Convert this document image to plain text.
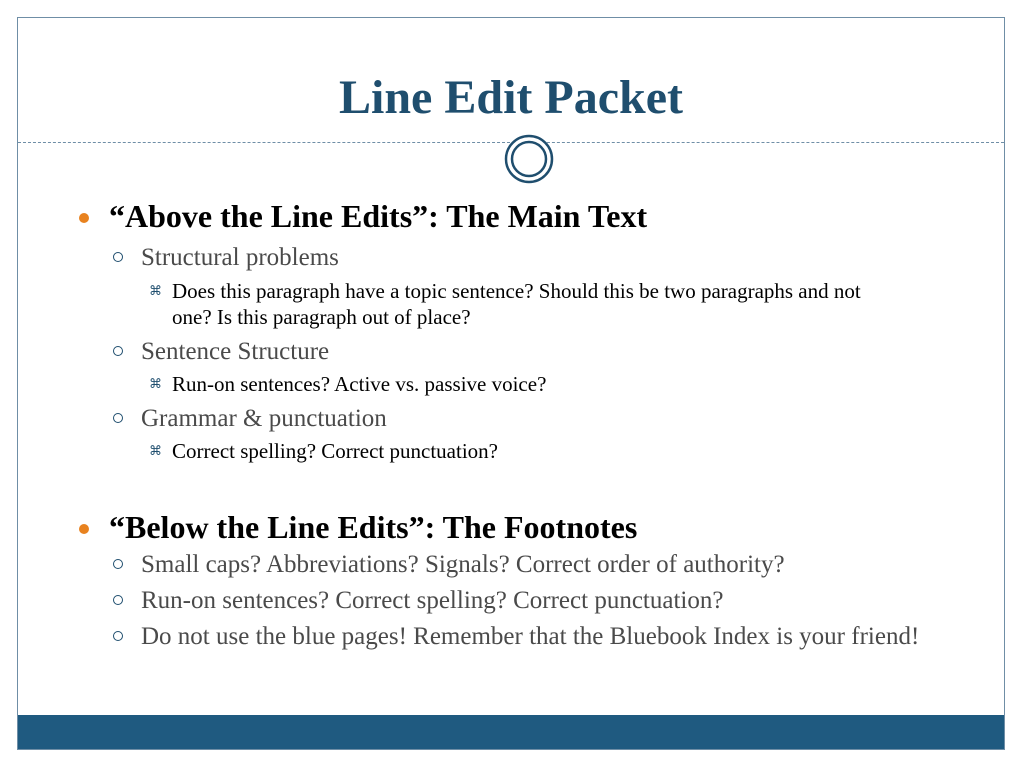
Line Edit Packet
“Above the Line Edits”: The Main Text
Structural problems
⌘ Does this paragraph have a topic sentence? Should this be two paragraphs and not one? Is this paragraph out of place?
Sentence Structure
⌘ Run-on sentences? Active vs. passive voice?
Grammar & punctuation
⌘ Correct spelling? Correct punctuation?
“Below the Line Edits”: The Footnotes
Small caps? Abbreviations? Signals? Correct order of authority?
Run-on sentences? Correct spelling? Correct punctuation?
Do not use the blue pages! Remember that the Bluebook Index is your friend!
